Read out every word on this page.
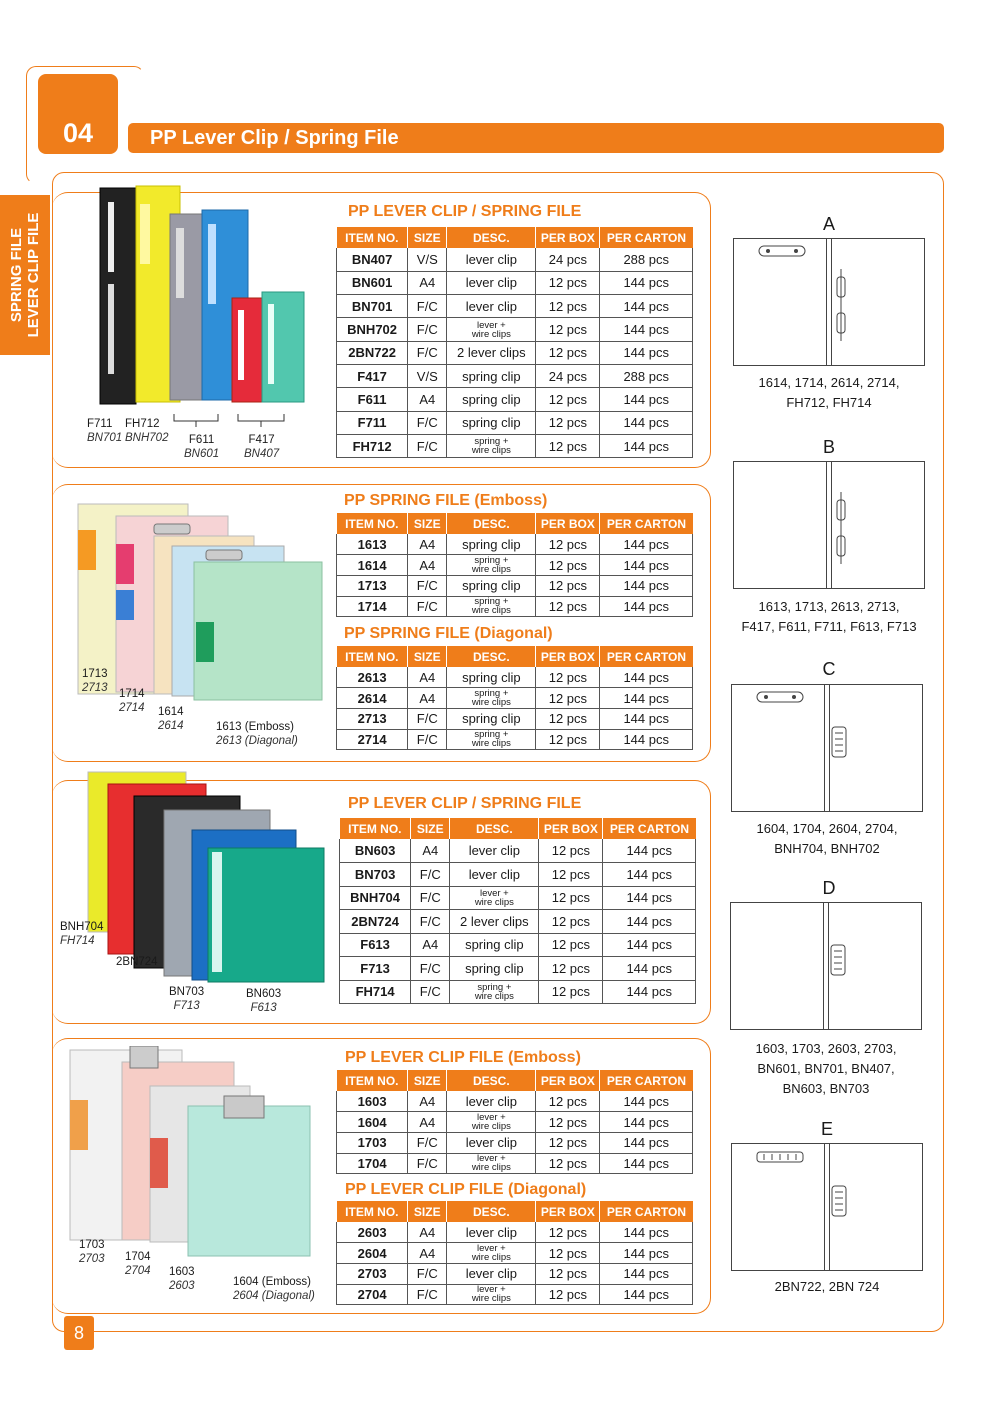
04	PP Lever Clip / Spring File
SPRING FILE LEVER CLIP FILE
PP LEVER CLIP / SPRING FILE
ITEM NO.	SIZE	DESC.	PER BOX	PER CARTON
BN407	V/S	lever clip	24 pcs	288 pcs
BN601	A4	lever clip	12 pcs	144 pcs
BN701	F/C	lever clip	12 pcs	144 pcs
BNH702	F/C	lever +
wire clips	12 pcs	144 pcs
2BN722	F/C	2 lever clips	12 pcs	144 pcs
F417	V/S	spring clip	24 pcs	288 pcs
F611	A4	spring clip	12 pcs	144 pcs
F711	F/C	spring clip	12 pcs	144 pcs
FH712	F/C	spring +
wire clips	12 pcs	144 pcs
F711
BN701
FH712
BNH702	F611
BN601
F417
BN407
PP SPRING FILE (Emboss)
ITEM NO.	SIZE	DESC.	PER BOX	PER CARTON
1613	A4	spring clip	12 pcs	144 pcs
1614	A4	spring +
wire clips	12 pcs	144 pcs
1713	F/C	spring clip	12 pcs	144 pcs
1714	F/C	spring +
wire clips	12 pcs	144 pcs
PP SPRING FILE (Diagonal)
ITEM NO.	SIZE	DESC.	PER BOX	PER CARTON
2613	A4	spring clip	12 pcs	144 pcs
2614	A4	spring +
wire clips	12 pcs	144 pcs
2713	F/C	spring clip	12 pcs	144 pcs
2714	F/C	spring +
wire clips	12 pcs	144 pcs
1713
2713 1714
2714 1614
2614	1613 (Emboss)
2613 (Diagonal)
PP LEVER CLIP / SPRING FILE
ITEM NO.	SIZE	DESC.	PER BOX	PER CARTON
BN603	A4	lever clip	12 pcs	144 pcs
BN703	F/C	lever clip	12 pcs	144 pcs
BNH704	F/C	lever +
wire clips	12 pcs	144 pcs
2BN724	F/C	2 lever clips	12 pcs	144 pcs
F613	A4	spring clip	12 pcs	144 pcs
F713	F/C	spring clip	12 pcs	144 pcs
FH714	F/C	spring +
wire clips	12 pcs	144 pcs
BNH704
FH714
2BN724
BN703
F713
BN603
F613
PP LEVER CLIP FILE (Emboss)
ITEM NO.	SIZE	DESC.	PER BOX	PER CARTON
1603	A4	lever clip	12 pcs	144 pcs
1604	A4	lever +
wire clips	12 pcs	144 pcs
1703	F/C	lever clip	12 pcs	144 pcs
1704	F/C	lever +
wire clips	12 pcs	144 pcs
PP LEVER CLIP FILE (Diagonal)
ITEM NO.	SIZE	DESC.	PER BOX	PER CARTON
2603	A4	lever clip	12 pcs	144 pcs
2604	A4	lever +
wire clips	12 pcs	144 pcs
2703	F/C	lever clip	12 pcs	144 pcs
2704	F/C	lever +
wire clips	12 pcs	144 pcs
1703
2703 1704
2704 1603
2603	1604 (Emboss)
2604 (Diagonal)
A
1614, 1714, 2614, 2714,
FH712, FH714
B
1613, 1713, 2613, 2713,
F417, F611, F711, F613, F713
C
1604, 1704, 2604, 2704,
BNH704, BNH702
D
1603, 1703, 2603, 2703,
BN601, BN701, BN407,
BN603, BN703
E
2BN722, 2BN 724
8
